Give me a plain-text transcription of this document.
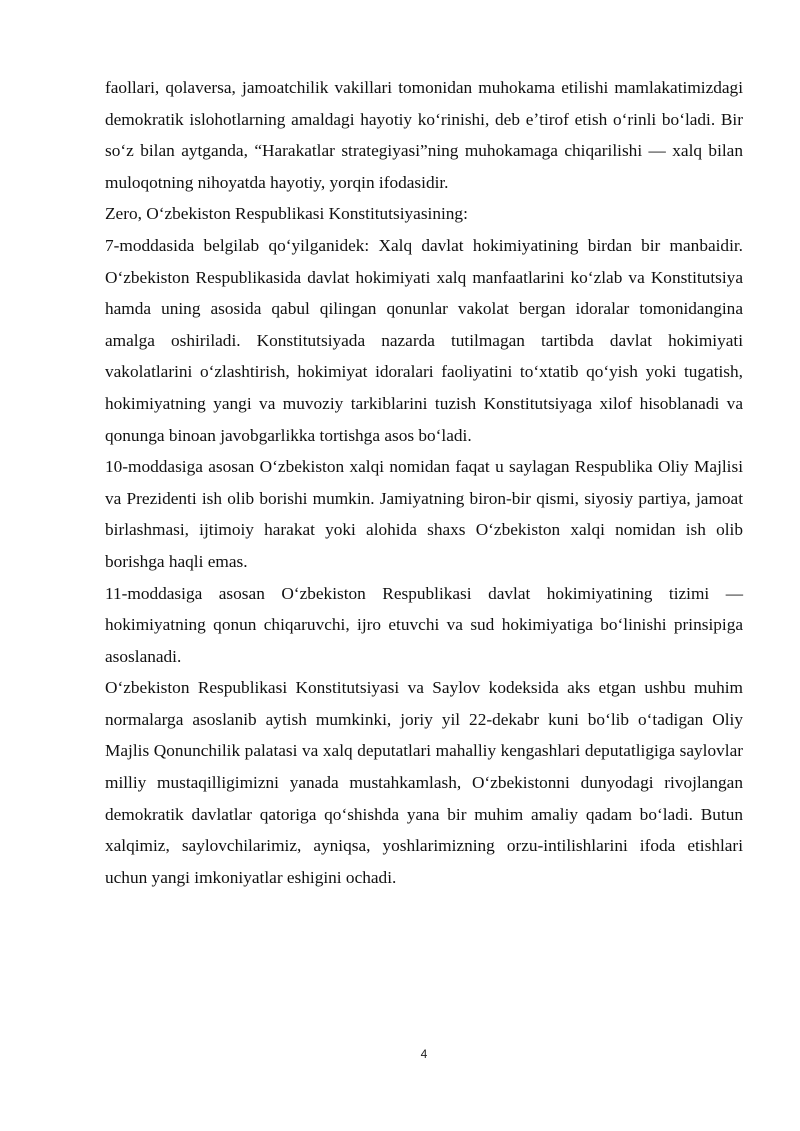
faollari, qolaversa, jamoatchilik vakillari tomonidan muhokama etilishi mamlakatimizdagi demokratik islohotlarning amaldagi hayotiy koʻrinishi, deb eʼtirof etish oʻrinli boʻladi. Bir soʻz bilan aytganda, “Harakatlar strategiyasi”ning muhokamaga chiqarilishi — xalq bilan muloqotning nihoyatda hayotiy, yorqin ifodasidir.

Zero, Oʻzbekiston Respublikasi Konstitutsiyasining:

7-moddasida belgilab qoʻyilganidek: Xalq davlat hokimiyatining birdan bir manbaidir. Oʻzbekiston Respublikasida davlat hokimiyati xalq manfaatlarini koʻzlab va Konstitutsiya hamda uning asosida qabul qilingan qonunlar vakolat bergan idoralar tomonidangina amalga oshiriladi. Konstitutsiyada nazarda tutilmagan tartibda davlat hokimiyati vakolatlarini oʻzlashtirish, hokimiyat idoralari faoliyatini toʻxtatib qoʻyish yoki tugatish, hokimiyatning yangi va muvoziy tarkiblarini tuzish Konstitutsiyaga xilof hisoblanadi va qonunga binoan javobgarlikka tortishga asos boʻladi.

10-moddasiga asosan Oʻzbekiston xalqi nomidan faqat u saylagan Respublika Oliy Majlisi va Prezidenti ish olib borishi mumkin. Jamiyatning biron-bir qismi, siyosiy partiya, jamoat birlashmasi, ijtimoiy harakat yoki alohida shaxs Oʻzbekiston xalqi nomidan ish olib borishga haqli emas.

11-moddasiga asosan Oʻzbekiston Respublikasi davlat hokimiyatining tizimi — hokimiyatning qonun chiqaruvchi, ijro etuvchi va sud hokimiyatiga boʻlinishi prinsipiga asoslanadi.

Oʻzbekiston Respublikasi Konstitutsiyasi va Saylov kodeksida aks etgan ushbu muhim normalarga asoslanib aytish mumkinki, joriy yil 22-dekabr kuni boʻlib oʻtadigan Oliy Majlis Qonunchilik palatasi va xalq deputatlari mahalliy kengashlari deputatligiga saylovlar milliy mustaqilligimizni yanada mustahkamlash, Oʻzbekistonni dunyodagi rivojlangan demokratik davlatlar qatoriga qoʻshishda yana bir muhim amaliy qadam boʻladi. Butun xalqimiz, saylovchilarimiz, ayniqsa, yoshlarimizning orzu-intilishlarini ifoda etishlari uchun yangi imkoniyatlar eshigini ochadi.

4
